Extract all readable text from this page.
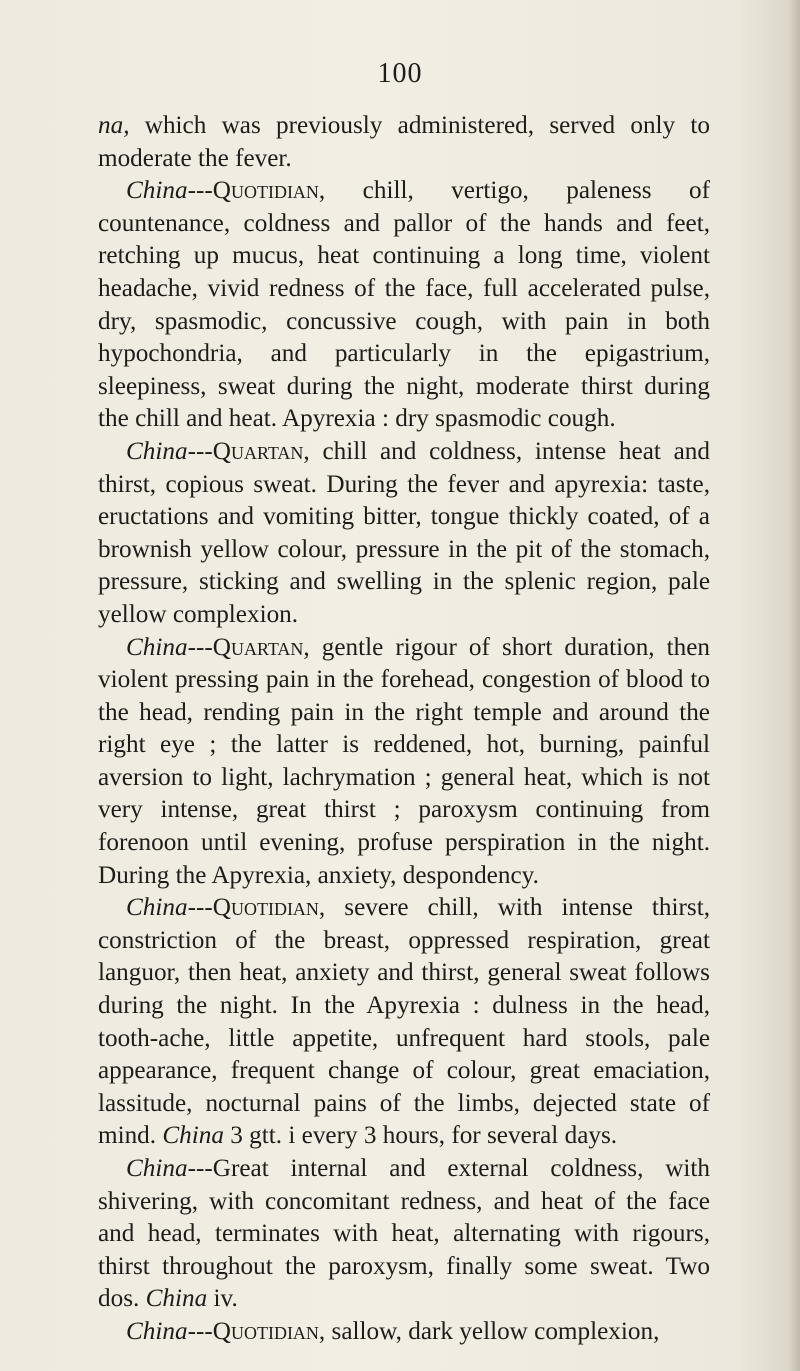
100

na, which was previously administered, served only to moderate the fever.

China---Quotidian, chill, vertigo, paleness of countenance, coldness and pallor of the hands and feet, retching up mucus, heat continuing a long time, violent headache, vivid redness of the face, full accelerated pulse, dry, spasmodic, concussive cough, with pain in both hypochondria, and particularly in the epigastrium, sleepiness, sweat during the night, moderate thirst during the chill and heat. Apyrexia : dry spasmodic cough.

China---Quartan, chill and coldness, intense heat and thirst, copious sweat. During the fever and apyrexia: taste, eructations and vomiting bitter, tongue thickly coated, of a brownish yellow colour, pressure in the pit of the stomach, pressure, sticking and swelling in the splenic region, pale yellow complexion.

China---Quartan, gentle rigour of short duration, then violent pressing pain in the forehead, congestion of blood to the head, rending pain in the right temple and around the right eye ; the latter is reddened, hot, burning, painful aversion to light, lachrymation ; general heat, which is not very intense, great thirst ; paroxysm continuing from forenoon until evening, profuse perspiration in the night. During the Apyrexia, anxiety, despondency.

China---Quotidian, severe chill, with intense thirst, constriction of the breast, oppressed respiration, great languor, then heat, anxiety and thirst, general sweat follows during the night. In the Apyrexia : dulness in the head, tooth-ache, little appetite, unfrequent hard stools, pale appearance, frequent change of colour, great emaciation, lassitude, nocturnal pains of the limbs, dejected state of mind. China 3 gtt. i every 3 hours, for several days.

China---Great internal and external coldness, with shivering, with concomitant redness, and heat of the face and head, terminates with heat, alternating with rigours, thirst throughout the paroxysm, finally some sweat. Two dos. China iv.

China---Quotidian, sallow, dark yellow complexion,
